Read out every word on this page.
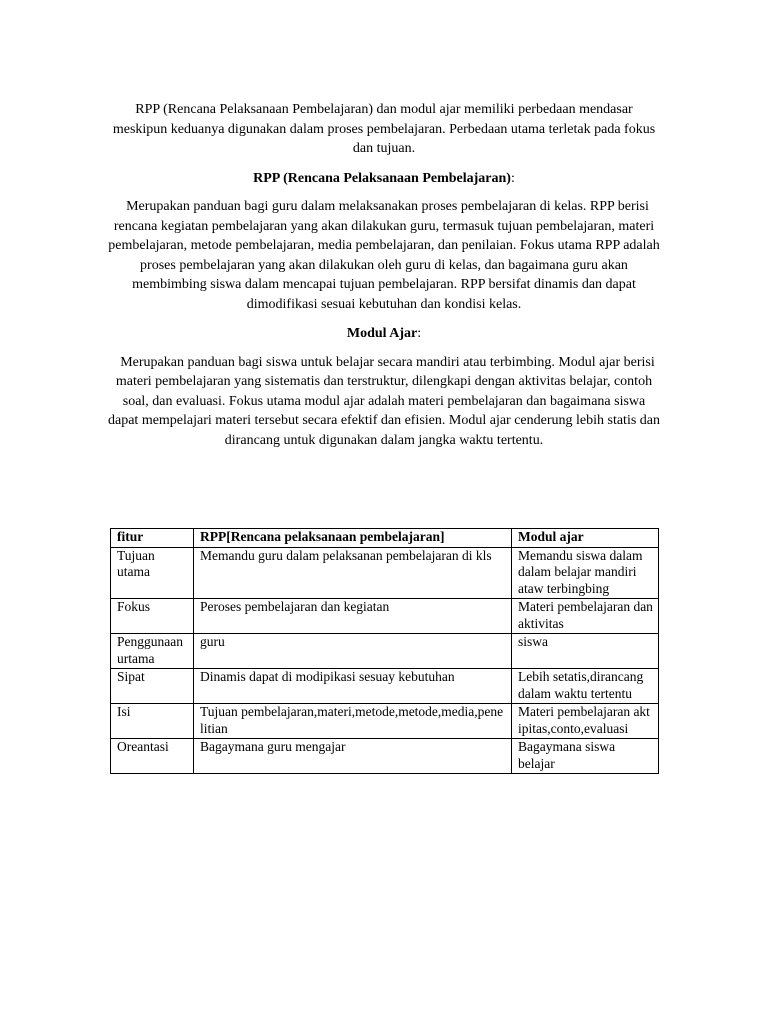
RPP (Rencana Pelaksanaan Pembelajaran) dan modul ajar memiliki perbedaan mendasar meskipun keduanya digunakan dalam proses pembelajaran. Perbedaan utama terletak pada fokus dan tujuan.

RPP (Rencana Pelaksanaan Pembelajaran):

Merupakan panduan bagi guru dalam melaksanakan proses pembelajaran di kelas. RPP berisi rencana kegiatan pembelajaran yang akan dilakukan guru, termasuk tujuan pembelajaran, materi pembelajaran, metode pembelajaran, media pembelajaran, dan penilaian. Fokus utama RPP adalah proses pembelajaran yang akan dilakukan oleh guru di kelas, dan bagaimana guru akan membimbing siswa dalam mencapai tujuan pembelajaran. RPP bersifat dinamis dan dapat dimodifikasi sesuai kebutuhan dan kondisi kelas.

Modul Ajar:

Merupakan panduan bagi siswa untuk belajar secara mandiri atau terbimbing. Modul ajar berisi materi pembelajaran yang sistematis dan terstruktur, dilengkapi dengan aktivitas belajar, contoh soal, dan evaluasi. Fokus utama modul ajar adalah materi pembelajaran dan bagaimana siswa dapat mempelajari materi tersebut secara efektif dan efisien. Modul ajar cenderung lebih statis dan dirancang untuk digunakan dalam jangka waktu tertentu.

fitur	RPP[Rencana pelaksanaan pembelajaran]	Modul ajar
Tujuan utama	Memandu guru dalam pelaksanan pembelajaran di kls	Memandu siswa dalam dalam belajar mandiri ataw terbingbing
Fokus	Peroses pembelajaran dan kegiatan	Materi pembelajaran dan aktivitas
Penggunaan urtama	guru	siswa
Sipat	Dinamis dapat di modipikasi sesuay kebutuhan	Lebih setatis,dirancang dalam waktu tertentu
Isi	Tujuan pembelajaran,materi,metode,metode,media,penelitian	Materi pembelajaran aktipitas,conto,evaluasi
Oreantasi	Bagaymana guru mengajar	Bagaymana siswa belajar
